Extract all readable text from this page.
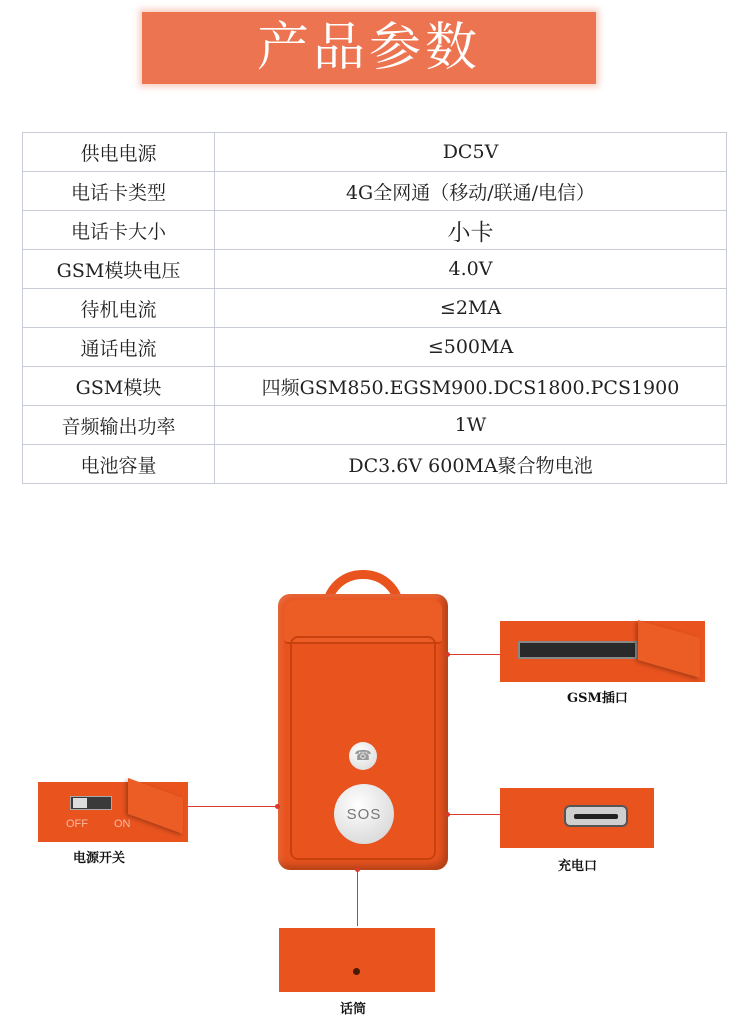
产品参数
供电电源	DC5V
电话卡类型	4G全网通（移动/联通/电信）
电话卡大小	小卡
GSM模块电压	4.0V
待机电流	≤2MA
通话电流	≤500MA
GSM模块	四频GSM850.EGSM900.DCS1800.PCS1900
音频输出功率	1W
电池容量	DC3.6V 600MA聚合物电池
☎
SOS
GSM插口
OFF ON
电源开关
充电口
话筒
